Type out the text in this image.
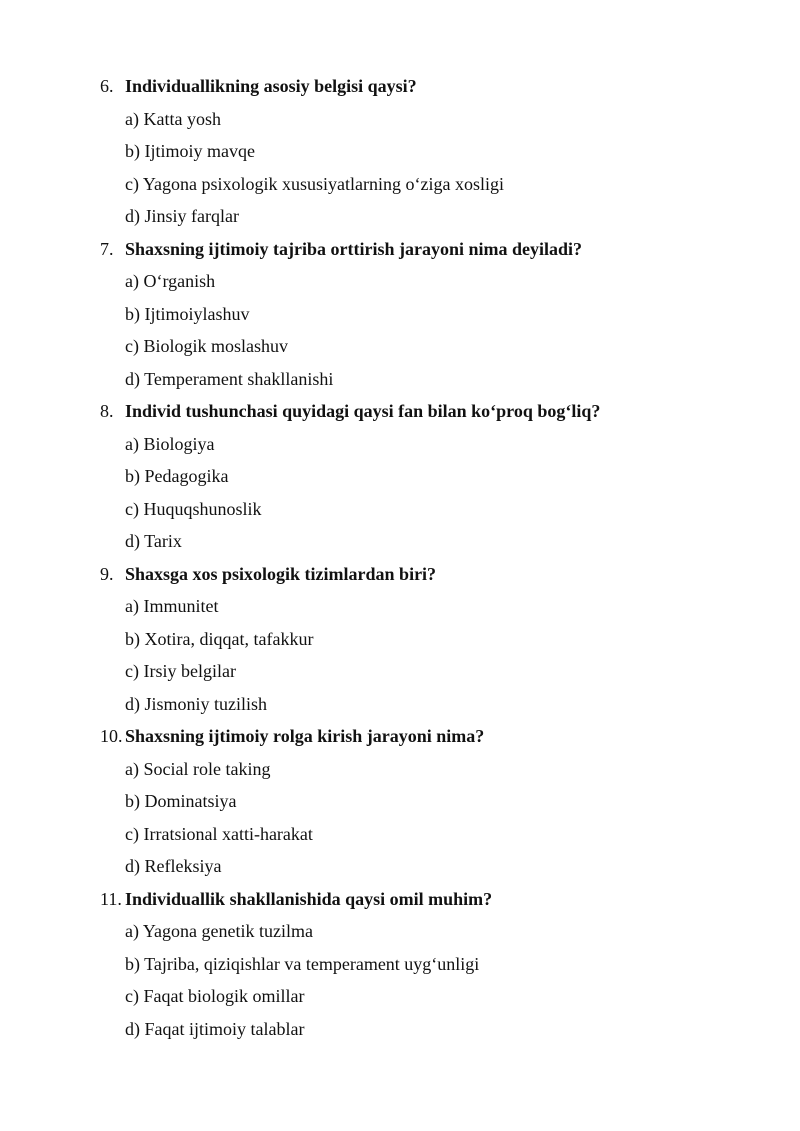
6. Individuallikning asosiy belgisi qaysi?
a) Katta yosh
b) Ijtimoiy mavqe
c) Yagona psixologik xususiyatlarning o‘ziga xosligi
d) Jinsiy farqlar
7. Shaxsning ijtimoiy tajriba orttirish jarayoni nima deyiladi?
a) O‘rganish
b) Ijtimoiylashuv
c) Biologik moslashuv
d) Temperament shakllanishi
8. Individ tushunchasi quyidagi qaysi fan bilan ko‘proq bog‘liq?
a) Biologiya
b) Pedagogika
c) Huquqshunoslik
d) Tarix
9. Shaxsga xos psixologik tizimlardan biri?
a) Immunitet
b) Xotira, diqqat, tafakkur
c) Irsiy belgilar
d) Jismoniy tuzilish
10. Shaxsning ijtimoiy rolga kirish jarayoni nima?
a) Social role taking
b) Dominatsiya
c) Irratsional xatti-harakat
d) Refleksiya
11. Individuallik shakllanishida qaysi omil muhim?
a) Yagona genetik tuzilma
b) Tajriba, qiziqishlar va temperament uyg‘unligi
c) Faqat biologik omillar
d) Faqat ijtimoiy talablar
